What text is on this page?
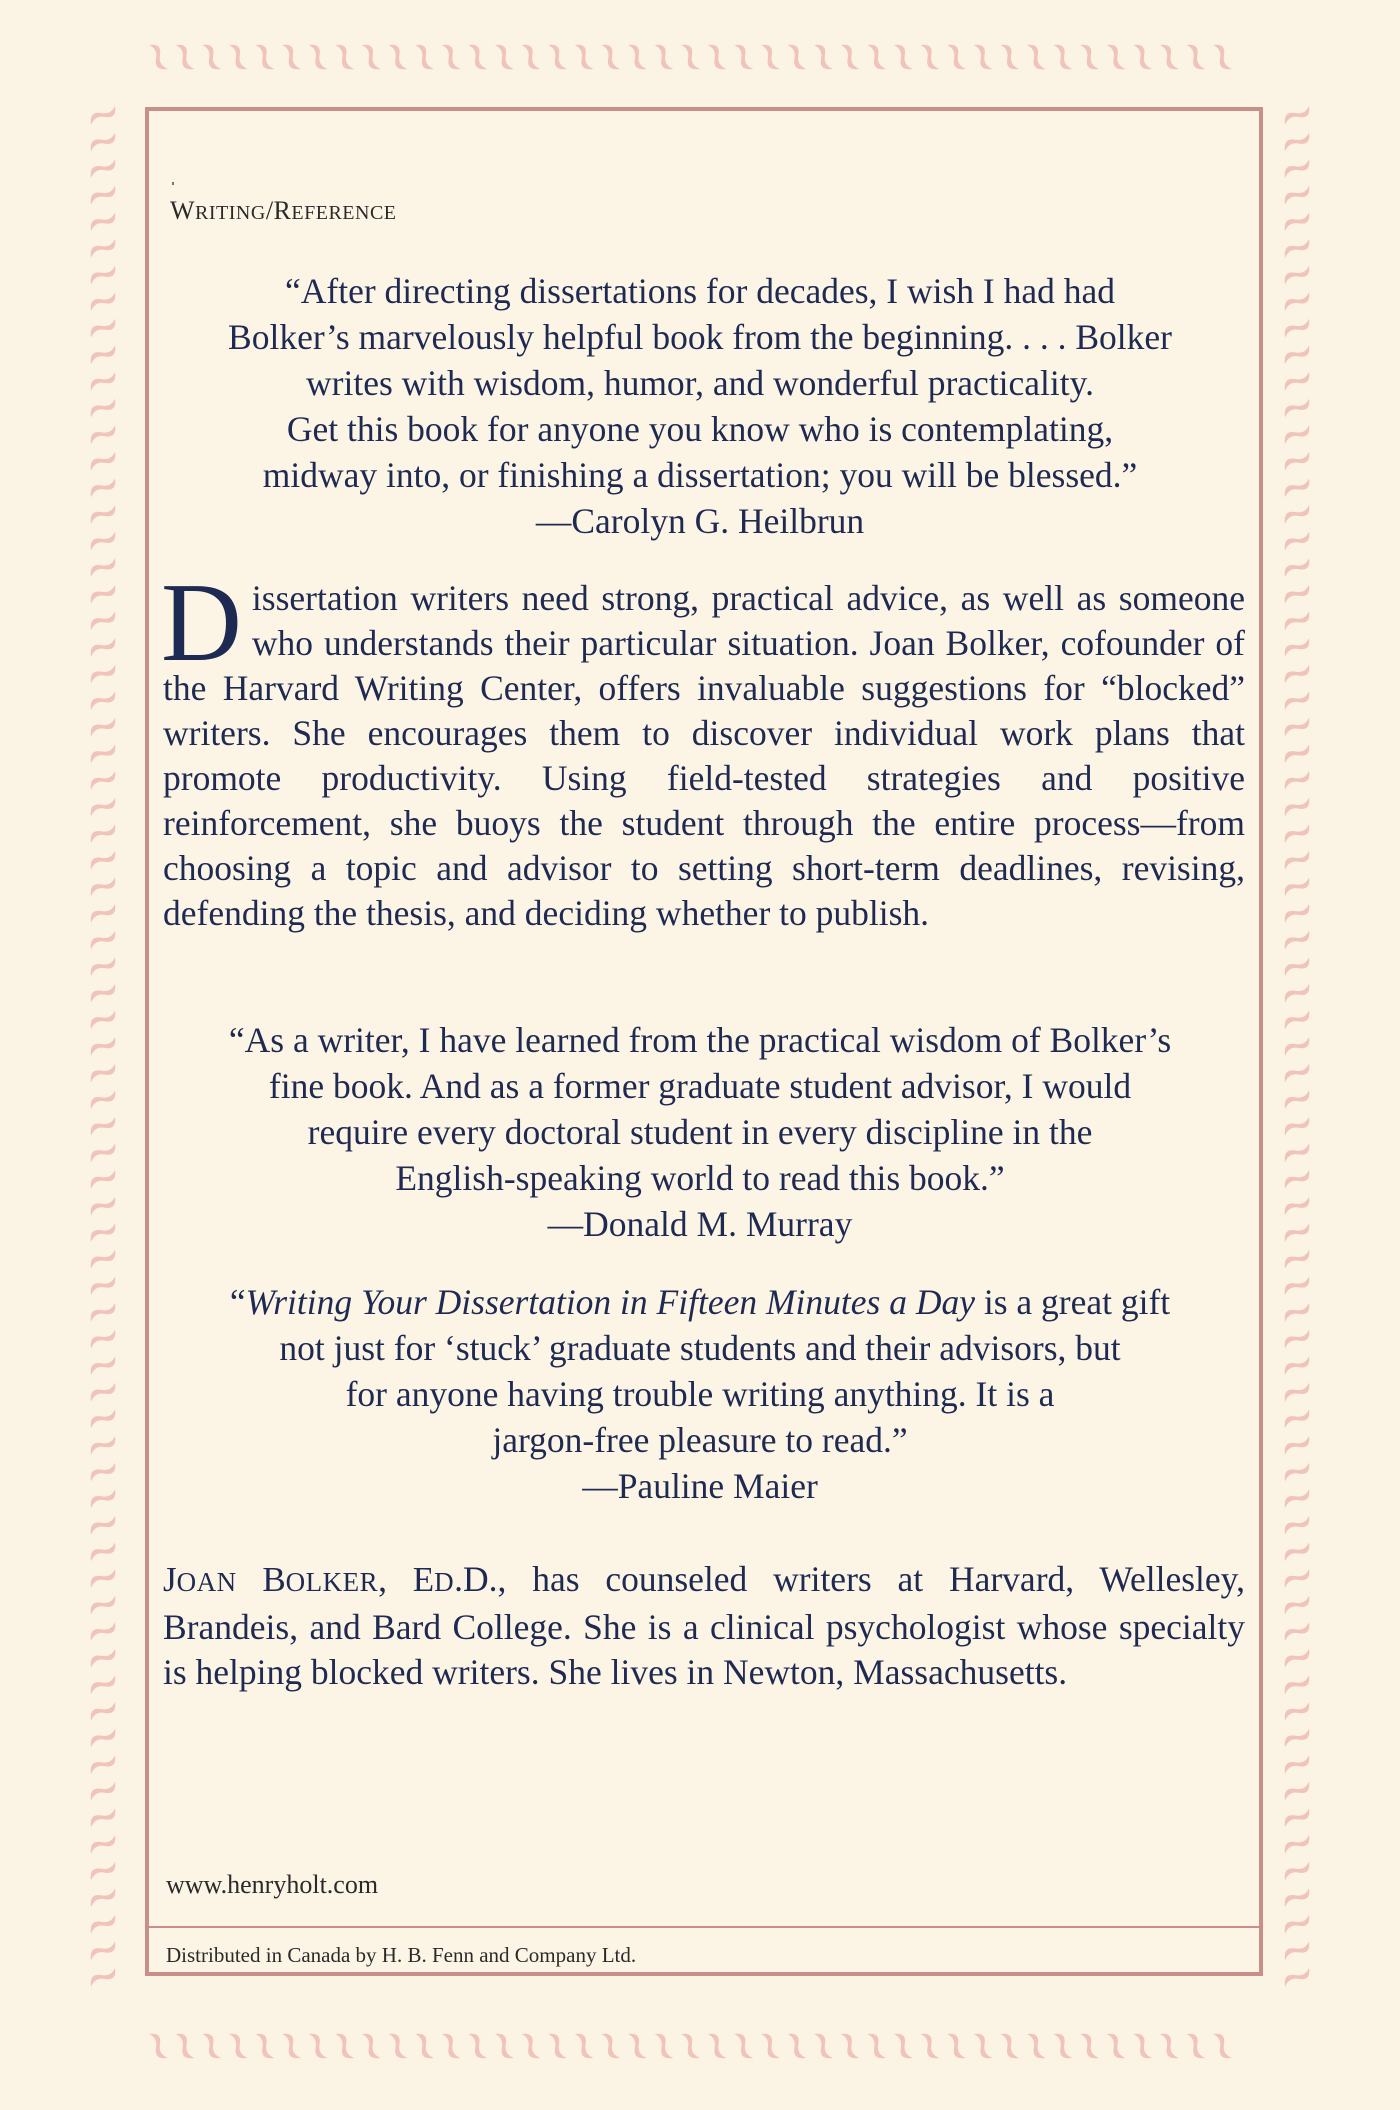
WRITING/REFERENCE
“After directing dissertations for decades, I wish I had had
Bolker’s marvelously helpful book from the beginning. . . . Bolker
writes with wisdom, humor, and wonderful practicality.
Get this book for anyone you know who is contemplating,
midway into, or finishing a dissertation; you will be blessed.”
—Carolyn G. Heilbrun
Dissertation writers need strong, practical advice, as well as someone who understands their particular situation. Joan Bolker, cofounder of the Harvard Writing Center, offers invaluable suggestions for “blocked” writers. She encourages them to discover individual work plans that promote productivity. Using field-tested strategies and positive reinforcement, she buoys the student through the entire process—from choosing a topic and advisor to setting short-term deadlines, revising, defending the thesis, and deciding whether to publish.
“As a writer, I have learned from the practical wisdom of Bolker’s
fine book. And as a former graduate student advisor, I would
require every doctoral student in every discipline in the
English-speaking world to read this book.”
—Donald M. Murray
“Writing Your Dissertation in Fifteen Minutes a Day is a great gift
not just for ‘stuck’ graduate students and their advisors, but
for anyone having trouble writing anything. It is a
jargon-free pleasure to read.”
—Pauline Maier
JOAN BOLKER, ED.D., has counseled writers at Harvard, Wellesley, Brandeis, and Bard College. She is a clinical psychologist whose specialty is helping blocked writers. She lives in Newton, Massachusetts.
www.henryholt.com
Distributed in Canada by H. B. Fenn and Company Ltd.
